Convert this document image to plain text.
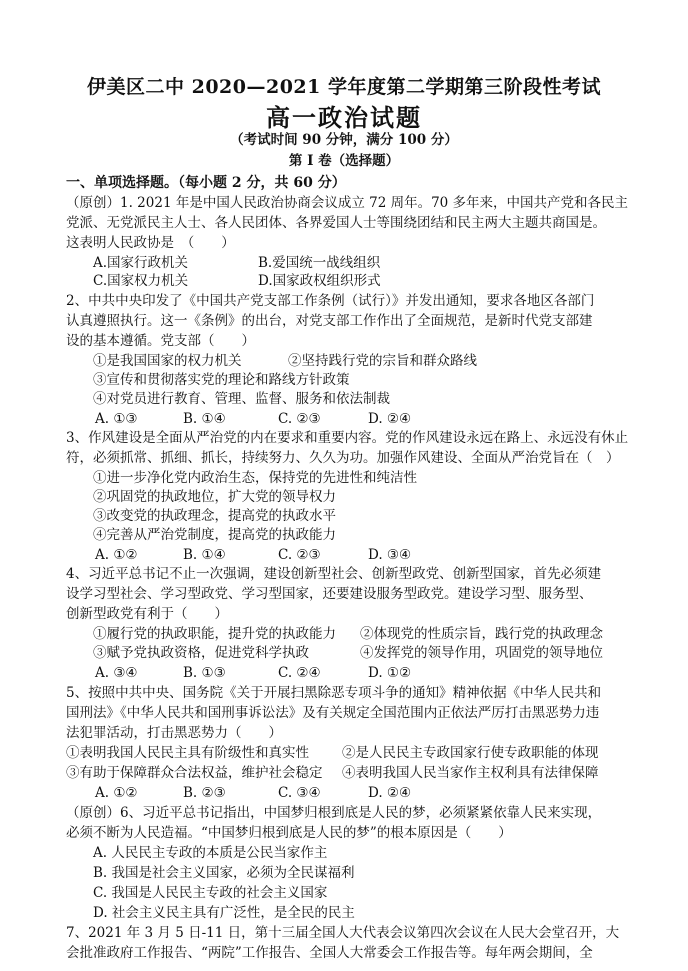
伊美区二中 2020—2021 学年度第二学期第三阶段性考试
高一政治试题
（考试时间 90 分钟，满分 100 分）
第 I 卷（选择题）
一、单项选择题。（每小题 2 分，共 60 分）
（原创）1. 2021 年是中国人民政治协商会议成立 72 周年。70 多年来，中国共产党和各民主
党派、无党派民主人士、各人民团体、各界爱国人士等围绕团结和民主两大主题共商国是。
这表明人民政协是　（　　）
A.国家行政机关	B.爱国统一战线组织
C.国家权力机关	D.国家政权组织形式
2、中共中央印发了《中国共产党支部工作条例（试行）》并发出通知，要求各地区各部门
认真遵照执行。这一《条例》的出台，对党支部工作作出了全面规范，是新时代党支部建
设的基本遵循。党支部（　　）
①是我国国家的权力机关	②坚持践行党的宗旨和群众路线
③宣传和贯彻落实党的理论和路线方针政策
④对党员进行教育、管理、监督、服务和依法制裁
A. ①③	B. ①④	C. ②③	D. ②④
3、作风建设是全面从严治党的内在要求和重要内容。党的作风建设永远在路上、永远没有休止
符，必须抓常、抓细、抓长，持续努力、久久为功。加强作风建设、全面从严治党旨在（　）
①进一步净化党内政治生态，保持党的先进性和纯洁性
②巩固党的执政地位，扩大党的领导权力
③改变党的执政理念，提高党的执政水平
④完善从严治党制度，提高党的执政能力
A. ①②	B. ①④	C. ②③	D. ③④
4、习近平总书记不止一次强调，建设创新型社会、创新型政党、创新型国家，首先必须建
设学习型社会、学习型政党、学习型国家，还要建设服务型政党。建设学习型、服务型、
创新型政党有利于（　　）
①履行党的执政职能，提升党的执政能力 ②体现党的性质宗旨，践行党的执政理念
③赋予党执政资格，促进党科学执政	④发挥党的领导作用，巩固党的领导地位
A. ③④	B. ①③	C. ②④	D. ①②
5、按照中共中央、国务院《关于开展扫黑除恶专项斗争的通知》精神依据《中华人民共和
国刑法》《中华人民共和国刑事诉讼法》及有关规定全国范围内正依法严厉打击黑恶势力违
法犯罪活动，打击黑恶势力（　　）
①表明我国人民民主具有阶级性和真实性 ②是人民民主专政国家行使专政职能的体现
③有助于保障群众合法权益，维护社会稳定 ④表明我国人民当家作主权利具有法律保障
A. ①②	B. ②③	C. ③④	D. ②④
（原创）6、习近平总书记指出，中国梦归根到底是人民的梦，必须紧紧依靠人民来实现，
必须不断为人民造福。“中国梦归根到底是人民的梦”的根本原因是（　　）
A. 人民民主专政的本质是公民当家作主
B. 我国是社会主义国家，必须为全民谋福利
C. 我国是人民民主专政的社会主义国家
D. 社会主义民主具有广泛性，是全民的民主
7、2021 年 3 月 5 日-11 日，第十三届全国人大代表会议第四次会议在人民大会堂召开，大
会批准政府工作报告、“两院”工作报告、全国人大常委会工作报告等。每年两会期间，全
